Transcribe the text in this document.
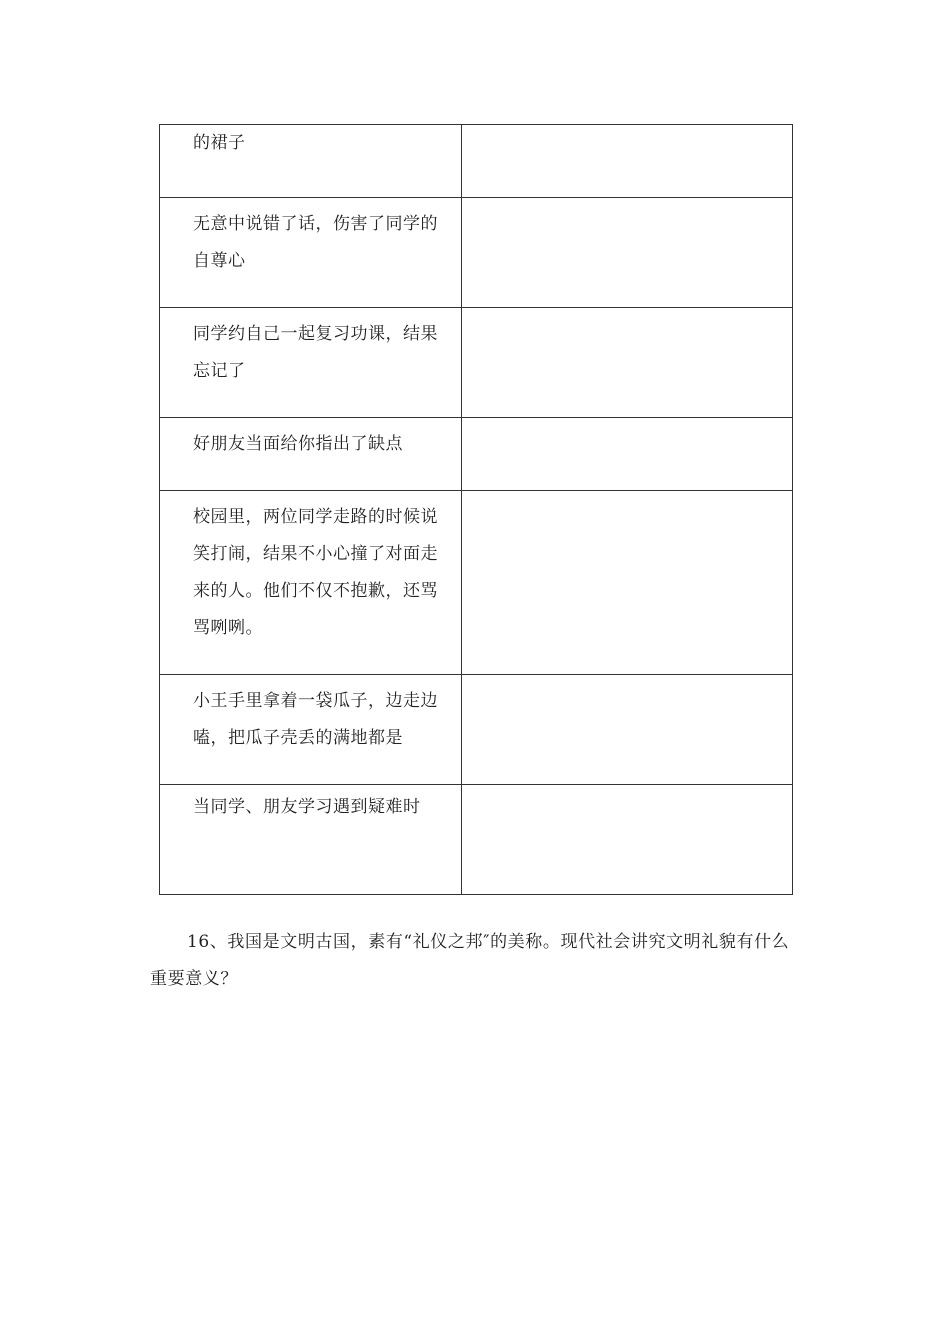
的裙子	

无意中说错了话，伤害了同学的自尊心	

同学约自己一起复习功课，结果忘记了	

好朋友当面给你指出了缺点	

校园里，两位同学走路的时候说笑打闹，结果不小心撞了对面走来的人。他们不仅不抱歉，还骂骂咧咧。	

小王手里拿着一袋瓜子，边走边嗑，把瓜子壳丢的满地都是	

当同学、朋友学习遇到疑难时	

16、我国是文明古国，素有“礼仪之邦″的美称。现代社会讲究文明礼貌有什么重要意义？
